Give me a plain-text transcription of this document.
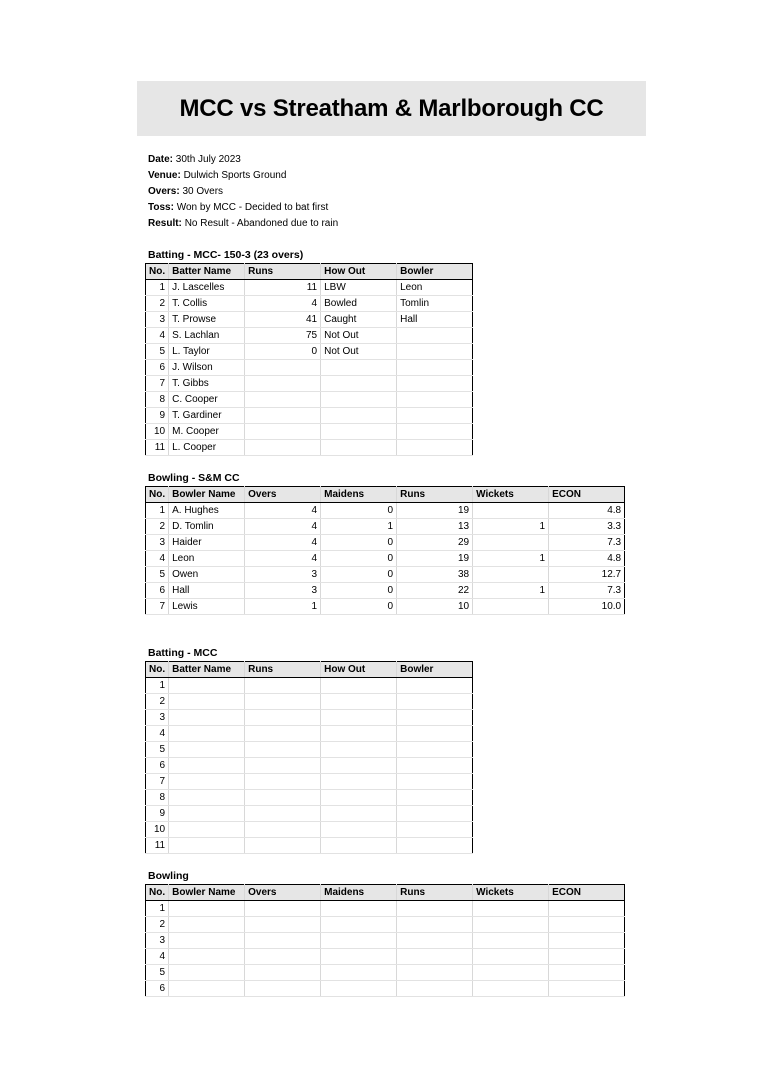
MCC vs Streatham & Marlborough CC
Date: 30th July 2023
Venue: Dulwich Sports Ground
Overs: 30 Overs
Toss: Won by MCC - Decided to bat first
Result: No Result - Abandoned due to rain
Batting - MCC- 150-3 (23 overs)
No.	Batter Name	Runs	How Out	Bowler
1	J. Lascelles	11	LBW	Leon
2	T. Collis	4	Bowled	Tomlin
3	T. Prowse	41	Caught	Hall
4	S. Lachlan	75	Not Out	
5	L. Taylor	0	Not Out	
6	J. Wilson			
7	T. Gibbs			
8	C. Cooper			
9	T. Gardiner			
10	M. Cooper			
11	L. Cooper			
Bowling - S&M CC
No.	Bowler Name	Overs	Maidens	Runs	Wickets	ECON
1	A. Hughes	4	0	19		4.8
2	D. Tomlin	4	1	13	1	3.3
3	Haider	4	0	29		7.3
4	Leon	4	0	19	1	4.8
5	Owen	3	0	38		12.7
6	Hall	3	0	22	1	7.3
7	Lewis	1	0	10		10.0
Batting - MCC
No.	Batter Name	Runs	How Out	Bowler
1				
2				
3				
4				
5				
6				
7				
8				
9				
10				
11				
Bowling
No.	Bowler Name	Overs	Maidens	Runs	Wickets	ECON
1						
2						
3						
4						
5						
6						
